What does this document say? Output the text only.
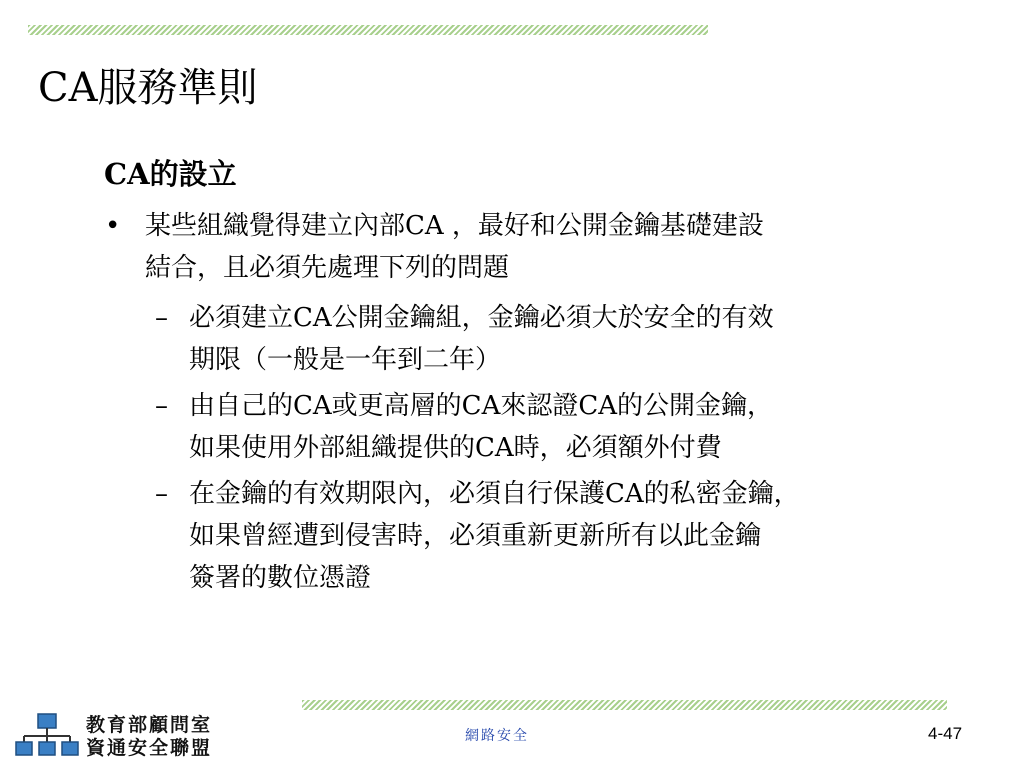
CA服務準則
CA的設立
• 某些組織覺得建立內部CA ，最好和公開金鑰基礎建設
結合，且必須先處理下列的問題
– 必須建立CA公開金鑰組，金鑰必須大於安全的有效
期限（一般是一年到二年）
– 由自己的CA或更高層的CA來認證CA的公開金鑰，
如果使用外部組織提供的CA時，必須額外付費
– 在金鑰的有效期限內，必須自行保護CA的私密金鑰，
如果曾經遭到侵害時，必須重新更新所有以此金鑰
簽署的數位憑證
教育部顧問室
資通安全聯盟
網路安全	4-47
